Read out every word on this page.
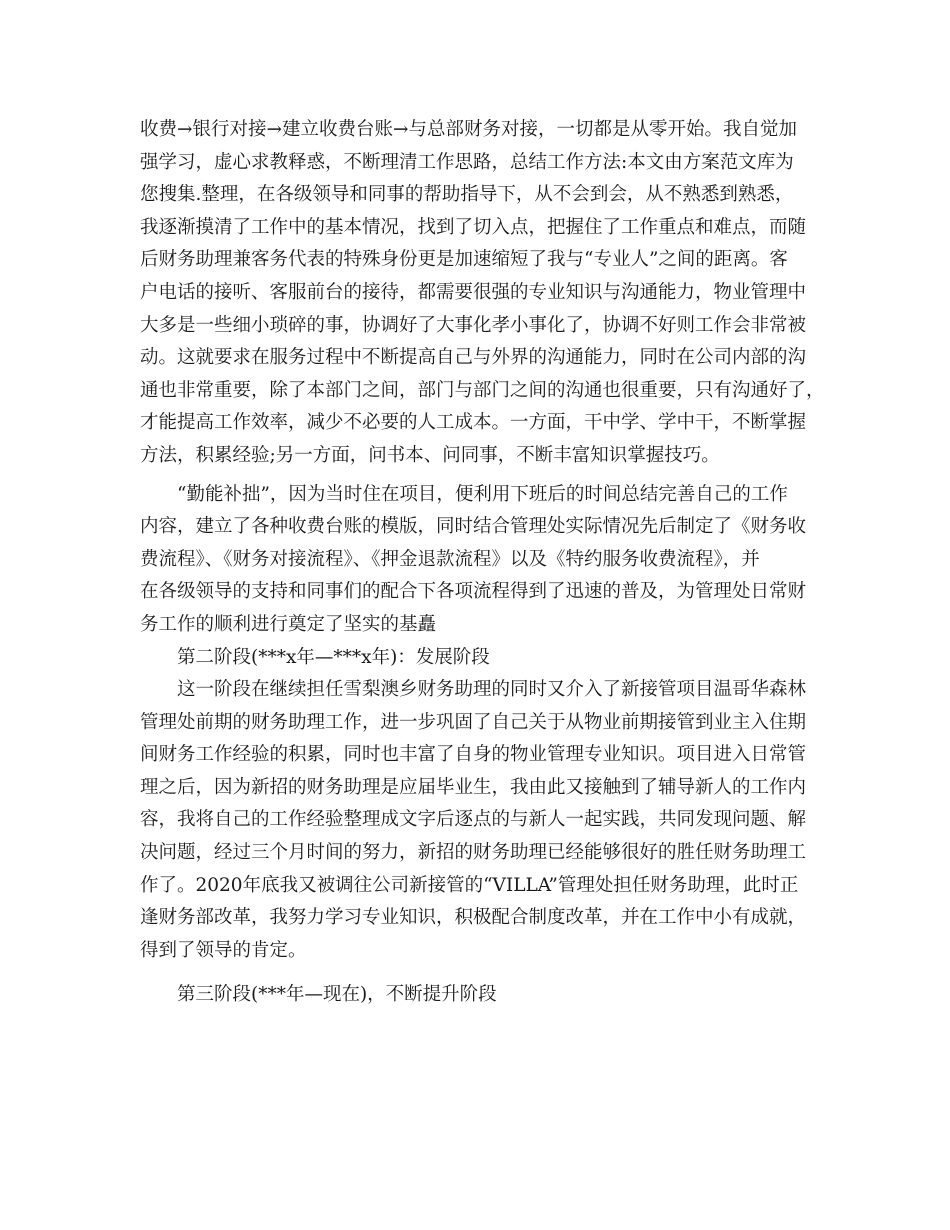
收费→银行对接→建立收费台账→与总部财务对接，一切都是从零开始。我自觉加
强学习，虚心求教释惑，不断理清工作思路，总结工作方法:本文由方案范文库为
您搜集.整理，在各级领导和同事的帮助指导下，从不会到会，从不熟悉到熟悉，
我逐渐摸清了工作中的基本情况，找到了切入点，把握住了工作重点和难点，而随
后财务助理兼客务代表的特殊身份更是加速缩短了我与“专业人”之间的距离。客
户电话的接听、客服前台的接待，都需要很强的专业知识与沟通能力，物业管理中
大多是一些细小琐碎的事，协调好了大事化孝小事化了，协调不好则工作会非常被
动。这就要求在服务过程中不断提高自己与外界的沟通能力，同时在公司内部的沟
通也非常重要，除了本部门之间，部门与部门之间的沟通也很重要，只有沟通好了，
才能提高工作效率，减少不必要的人工成本。一方面，干中学、学中干，不断掌握
方法，积累经验;另一方面，问书本、问同事，不断丰富知识掌握技巧。
“勤能补拙”，因为当时住在项目，便利用下班后的时间总结完善自己的工作
内容，建立了各种收费台账的模版，同时结合管理处实际情况先后制定了《财务收
费流程》、《财务对接流程》、《押金退款流程》以及《特约服务收费流程》，并
在各级领导的支持和同事们的配合下各项流程得到了迅速的普及，为管理处日常财
务工作的顺利进行奠定了坚实的基矗
第二阶段(***x年—***x年)：发展阶段
这一阶段在继续担任雪梨澳乡财务助理的同时又介入了新接管项目温哥华森林
管理处前期的财务助理工作，进一步巩固了自己关于从物业前期接管到业主入住期
间财务工作经验的积累，同时也丰富了自身的物业管理专业知识。项目进入日常管
理之后，因为新招的财务助理是应届毕业生，我由此又接触到了辅导新人的工作内
容，我将自己的工作经验整理成文字后逐点的与新人一起实践，共同发现问题、解
决问题，经过三个月时间的努力，新招的财务助理已经能够很好的胜任财务助理工
作了。2020年底我又被调往公司新接管的“VILLA”管理处担任财务助理，此时正
逢财务部改革，我努力学习专业知识，积极配合制度改革，并在工作中小有成就，
得到了领导的肯定。
第三阶段(***年—现在)，不断提升阶段
